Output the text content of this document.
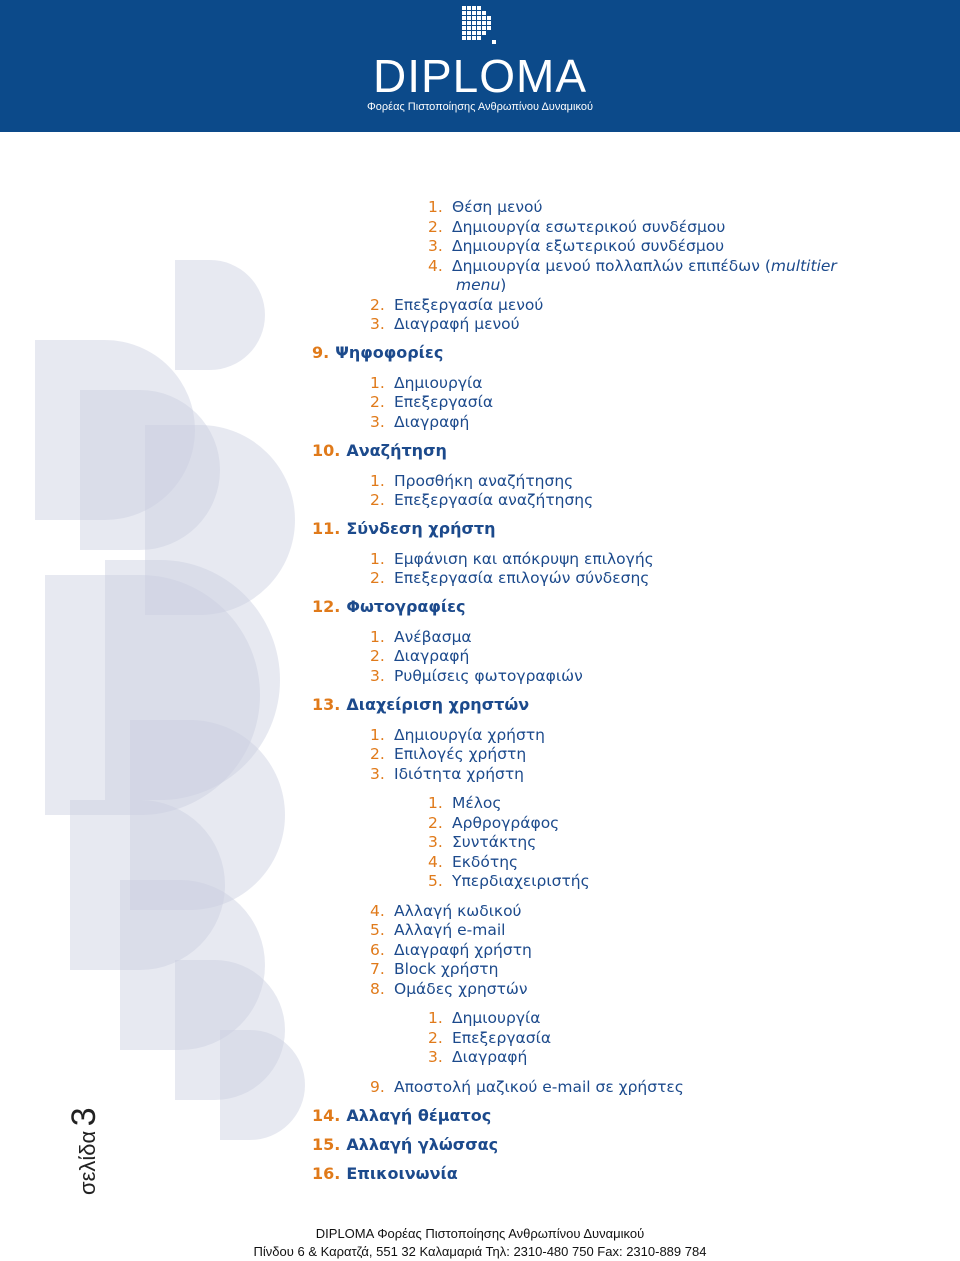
DIPLOMA
Φορέας Πιστοποίησης Ανθρωπίνου Δυναμικού
σελίδα 3
1. Θέση μενού
2. Δημιουργία εσωτερικού συνδέσμου
3. Δημιουργία εξωτερικού συνδέσμου
4. Δημιουργία μενού πολλαπλών επιπέδων (multitier
menu)
2. Επεξεργασία μενού
3. Διαγραφή μενού
9. Ψηφοφορίες
1. Δημιουργία
2. Επεξεργασία
3. Διαγραφή
10. Αναζήτηση
1. Προσθήκη αναζήτησης
2. Επεξεργασία αναζήτησης
11. Σύνδεση χρήστη
1. Εμφάνιση και απόκρυψη επιλογής
2. Επεξεργασία επιλογών σύνδεσης
12. Φωτογραφίες
1. Ανέβασμα
2. Διαγραφή
3. Ρυθμίσεις φωτογραφιών
13. Διαχείριση χρηστών
1. Δημιουργία χρήστη
2. Επιλογές χρήστη
3. Ιδιότητα χρήστη
1. Μέλος
2. Αρθρογράφος
3. Συντάκτης
4. Εκδότης
5. Υπερδιαχειριστής
4. Αλλαγή κωδικού
5. Αλλαγή e-mail
6. Διαγραφή χρήστη
7. Block χρήστη
8. Ομάδες χρηστών
1. Δημιουργία
2. Επεξεργασία
3. Διαγραφή
9. Αποστολή μαζικού e-mail σε χρήστες
14. Αλλαγή θέματος
15. Αλλαγή γλώσσας
16. Επικοινωνία
DIPLOMA Φορέας Πιστοποίησης Ανθρωπίνου Δυναμικού
Πίνδου 6 & Καρατζά, 551 32 Καλαμαριά Τηλ: 2310-480 750 Fax: 2310-889 784
